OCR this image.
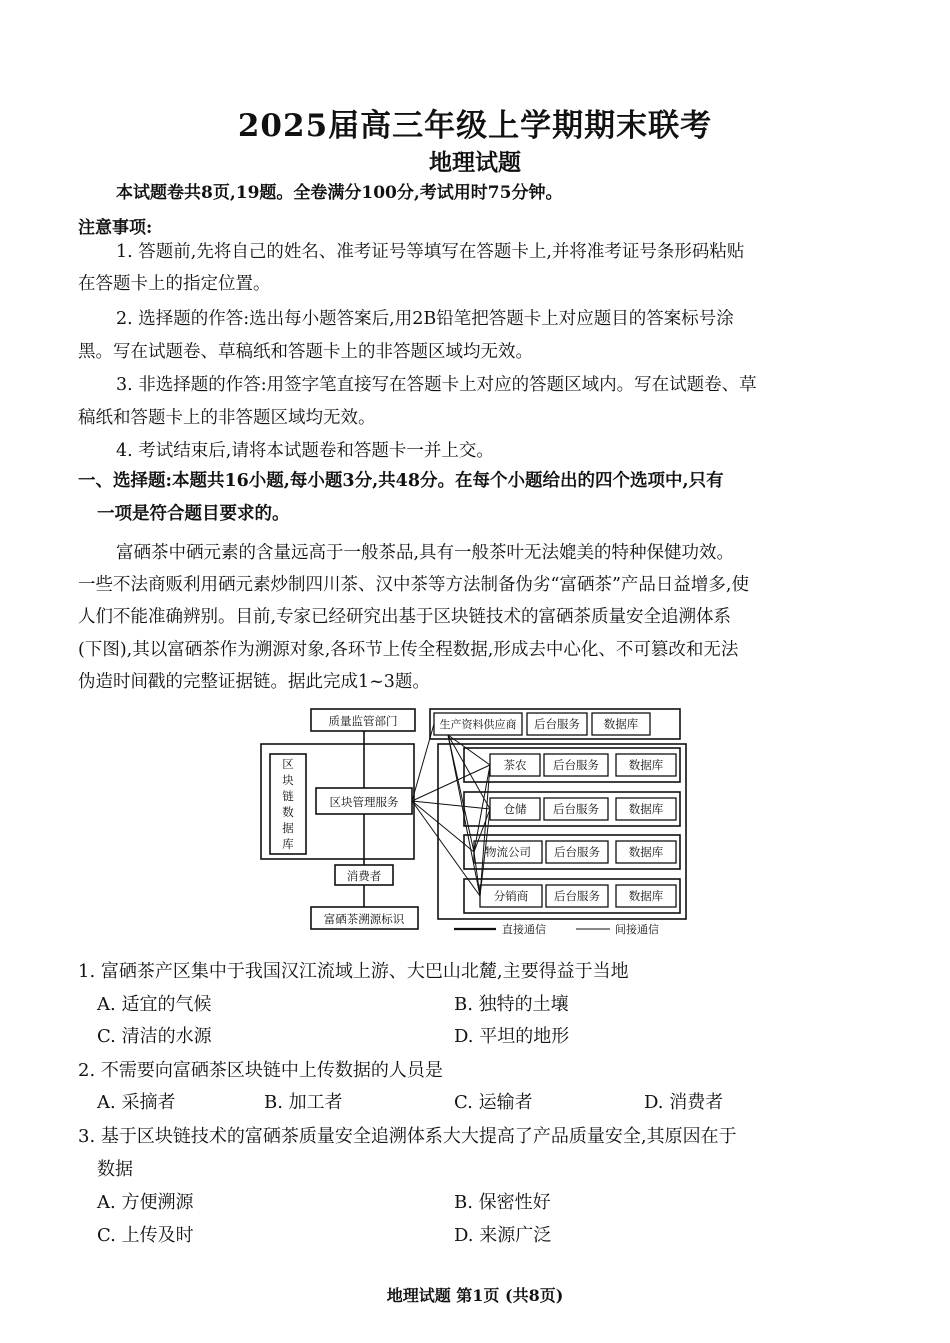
2025届高三年级上学期期末联考
地理试题
本试题卷共8页,19题。全卷满分100分,考试用时75分钟。
注意事项:
1. 答题前,先将自己的姓名、准考证号等填写在答题卡上,并将准考证号条形码粘贴
在答题卡上的指定位置。
2. 选择题的作答:选出每小题答案后,用2B铅笔把答题卡上对应题目的答案标号涂
黑。写在试题卷、草稿纸和答题卡上的非答题区域均无效。
3. 非选择题的作答:用签字笔直接写在答题卡上对应的答题区域内。写在试题卷、草
稿纸和答题卡上的非答题区域均无效。
4. 考试结束后,请将本试题卷和答题卡一并上交。
一、选择题:本题共16小题,每小题3分,共48分。在每个小题给出的四个选项中,只有
一项是符合题目要求的。
富硒茶中硒元素的含量远高于一般茶品,具有一般茶叶无法媲美的特种保健功效。
一些不法商贩利用硒元素炒制四川茶、汉中茶等方法制备伪劣“富硒茶”产品日益增多,使
人们不能准确辨别。目前,专家已经研究出基于区块链技术的富硒茶质量安全追溯体系
(下图),其以富硒茶作为溯源对象,各环节上传全程数据,形成去中心化、不可篡改和无法
伪造时间戳的完整证据链。据此完成1~3题。
区
块
链
数
据
库
质量监管部门
区块管理服务
消费者
富硒茶溯源标识
生产资料供应商 后台服务 数据库
茶农 后台服务	数据库
仓储 后台服务	数据库
物流公司 后台服务	数据库
分销商 后台服务	数据库
直接通信	间接通信
1. 富硒茶产区集中于我国汉江流域上游、大巴山北麓,主要得益于当地
A. 适宜的气候	B. 独特的土壤
C. 清洁的水源	D. 平坦的地形
2. 不需要向富硒茶区块链中上传数据的人员是
A. 采摘者	B. 加工者	C. 运输者	D. 消费者
3. 基于区块链技术的富硒茶质量安全追溯体系大大提高了产品质量安全,其原因在于
数据
A. 方便溯源	B. 保密性好
C. 上传及时	D. 来源广泛
地理试题 第1页 (共8页)
